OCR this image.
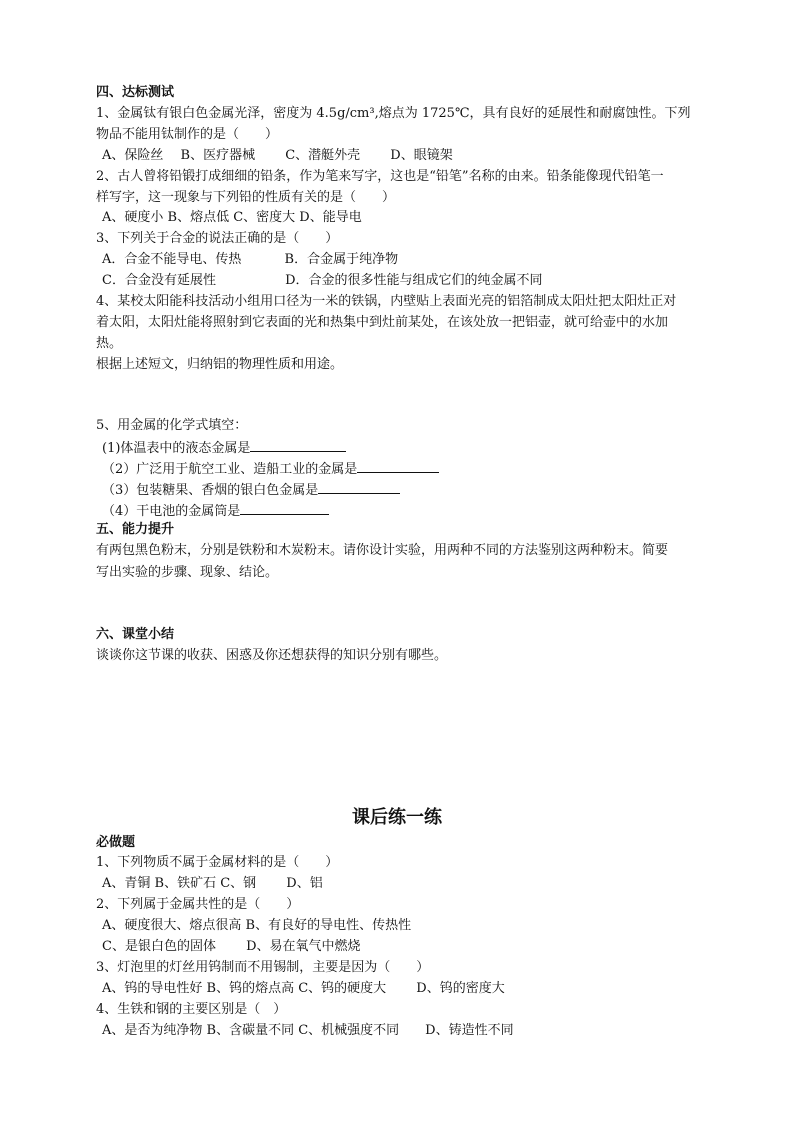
四、达标测试
1、金属钛有银白色金属光泽，密度为 4.5g/cm³,熔点为 1725℃，具有良好的延展性和耐腐蚀性。下列
物品不能用钛制作的是（　　）
A、保险丝　 B、医疗器械　　 C、潜艇外壳　　 D、眼镜架
2、古人曾将铅锻打成细细的铅条，作为笔来写字，这也是“铅笔”名称的由来。铅条能像现代铅笔一
样写字，这一现象与下列铅的性质有关的是（　　）
A、硬度小 B、熔点低 C、密度大 D、能导电
3、下列关于合金的说法正确的是（　　）
A．合金不能导电、传热　　　 B．合金属于纯净物
C．合金没有延展性　　　　　 D．合金的很多性能与组成它们的纯金属不同
4、某校太阳能科技活动小组用口径为一米的铁锅，内壁贴上表面光亮的铝箔制成太阳灶把太阳灶正对
着太阳，太阳灶能将照射到它表面的光和热集中到灶前某处，在该处放一把铝壶，就可给壶中的水加
热。
根据上述短文，归纳铝的物理性质和用途。
5、用金属的化学式填空：
(1)体温表中的液态金属是
（2）广泛用于航空工业、造船工业的金属是
（3）包装糖果、香烟的银白色金属是
（4）干电池的金属筒是
五、能力提升
有两包黑色粉末，分别是铁粉和木炭粉末。请你设计实验，用两种不同的方法鉴别这两种粉末。简要
写出实验的步骤、现象、结论。
六、课堂小结
谈谈你这节课的收获、困惑及你还想获得的知识分别有哪些。
课后练一练
必做题
1、下列物质不属于金属材料的是（　　）
A、青铜 B、铁矿石 C、钢　　 D、铝
2、下列属于金属共性的是（　　）
A、硬度很大、熔点很高 B、有良好的导电性、传热性
C、是银白色的固体　　 D、易在氧气中燃烧
3、灯泡里的灯丝用钨制而不用锡制，主要是因为（　　）
A、钨的导电性好 B、钨的熔点高 C、钨的硬度大　　 D、钨的密度大
4、生铁和钢的主要区别是（　）
A、是否为纯净物 B、含碳量不同 C、机械强度不同　　D、铸造性不同
